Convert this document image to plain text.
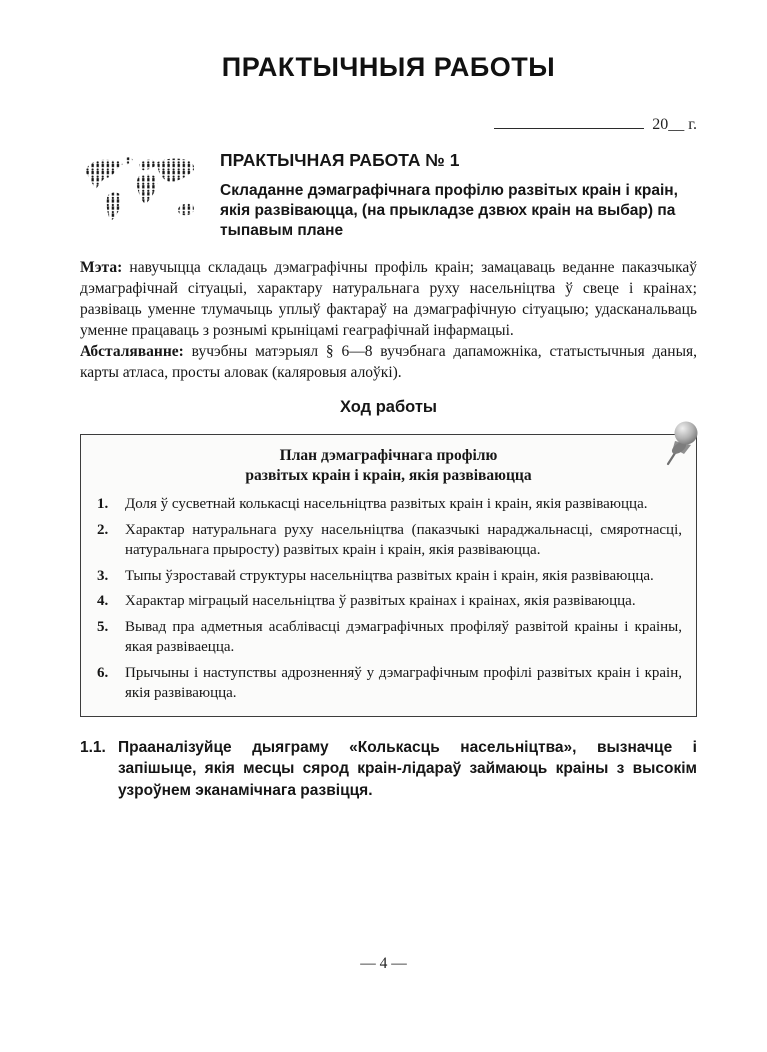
ПРАКТЫЧНЫЯ РАБОТЫ
20__ г.
ПРАКТЫЧНАЯ РАБОТА № 1
Складанне дэмаграфічнага профілю развітых краін і краін, якія развіваюцца, (на прыкладзе дзвюх краін на выбар) па тыпавым плане

Мэта: навучыцца складаць дэмаграфічны профіль краін; замацаваць веданне паказчыкаў дэмаграфічнай сітуацыі, характару натуральнага руху насельніцтва ў свеце і краінах; развіваць уменне тлумачыць уплыў фактараў на дэмаграфічную сітуацыю; удасканальваць уменне працаваць з рознымі крыніцамі геаграфічнай інфармацыі.

Абсталяванне: вучэбны матэрыял § 6—8 вучэбнага дапаможніка, статыстычныя даныя, карты атласа, просты аловак (каляровыя алоўкі).

Ход работы
План дэмаграфічнага профілю
развітых краін і краін, якія развіваюцца
1. Доля ў сусветнай колькасці насельніцтва развітых краін і краін, якія развіваюцца.
2. Характар натуральнага руху насельніцтва (паказчыкі нараджальнасці, смяротнасці, натуральнага прыросту) развітых краін і краін, якія развіваюцца.
3. Тыпы ўзроставай структуры насельніцтва развітых краін і краін, якія развіваюцца.
4. Характар міграцый насельніцтва ў развітых краінах і краінах, якія развіваюцца.
5. Вывад пра адметныя асаблівасці дэмаграфічных профіляў развітой краіны і краіны, якая развіваецца.
6. Прычыны і наступствы адрозненняў у дэмаграфічным профілі развітых краін і краін, якія развіваюцца.
1.1. Прааналізуйце дыяграму «Колькасць насельніцтва», вызначце і запішыце, якія месцы сярод краін-лідараў займаюць краіны з высокім узроўнем эканамічнага развіцця.
— 4 —
